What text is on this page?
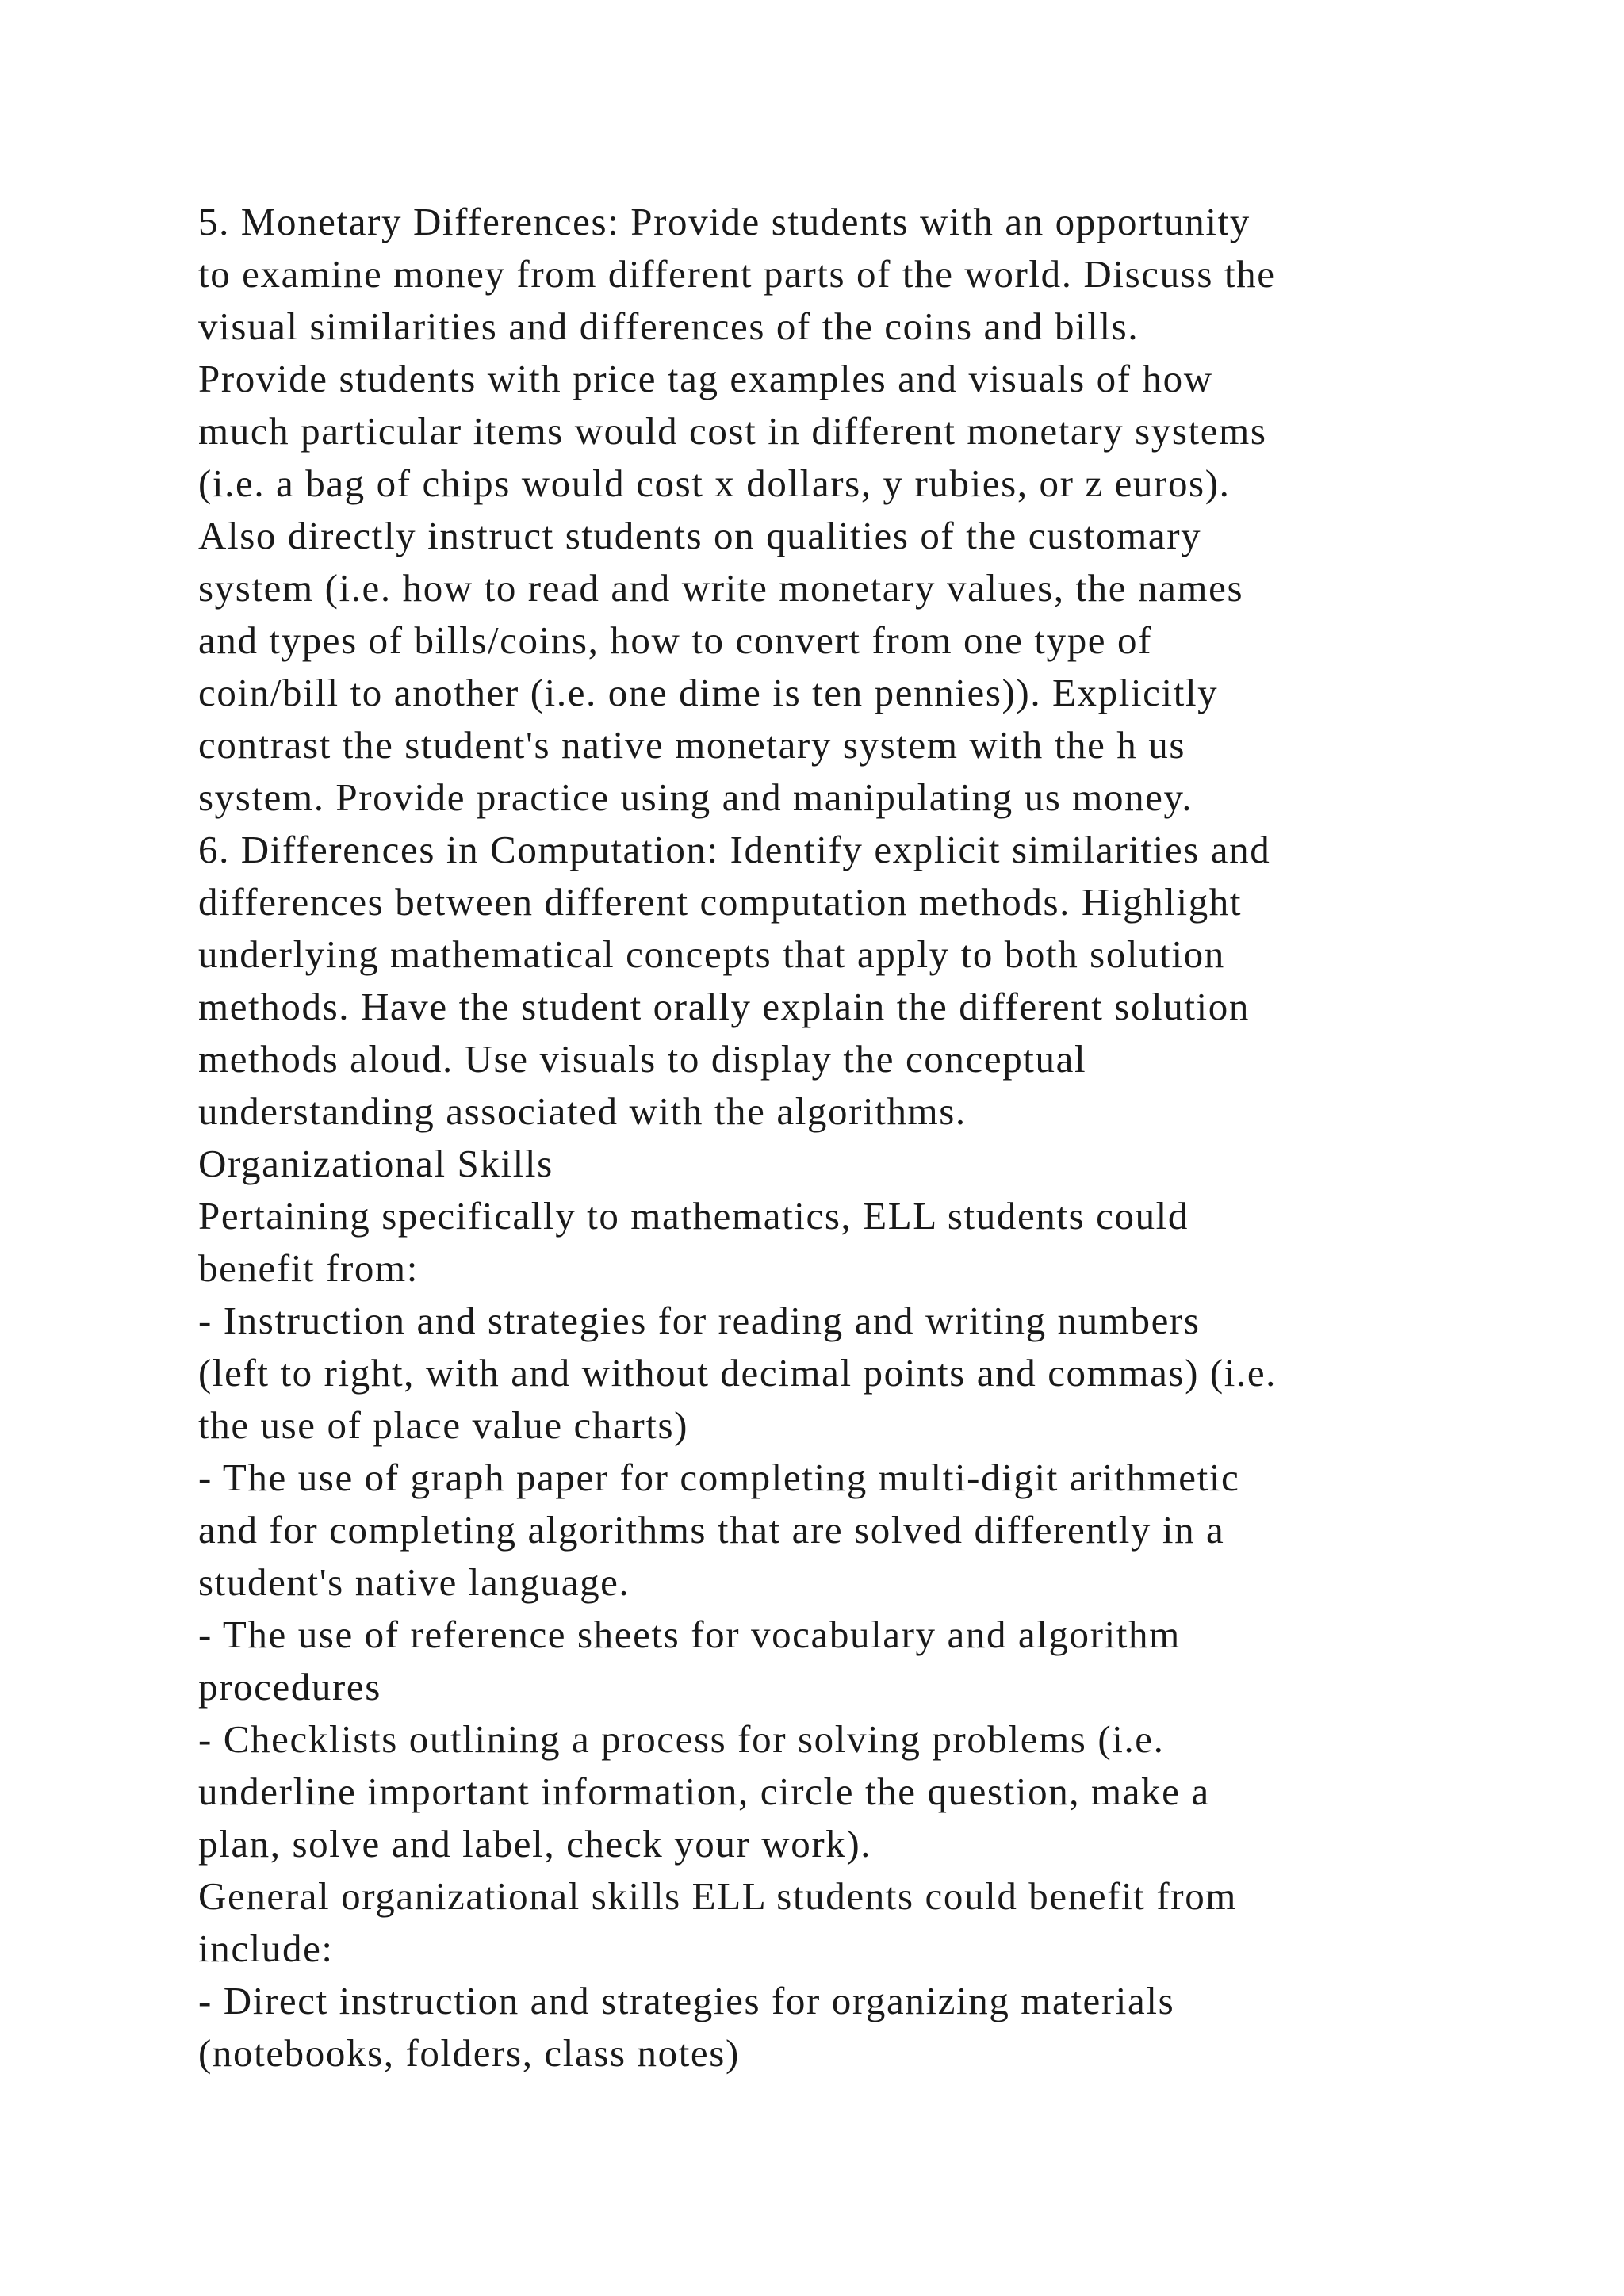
5. Monetary Differences: Provide students with an opportunity
to examine money from different parts of the world. Discuss the
visual similarities and differences of the coins and bills.
Provide students with price tag examples and visuals of how
much particular items would cost in different monetary systems
(i.e. a bag of chips would cost x dollars, y rubies, or z euros).
Also directly instruct students on qualities of the customary
system (i.e. how to read and write monetary values, the names
and types of bills/coins, how to convert from one type of
coin/bill to another (i.e. one dime is ten pennies)). Explicitly
contrast the student's native monetary system with the h us
system. Provide practice using and manipulating us money.
6. Differences in Computation: Identify explicit similarities and
differences between different computation methods. Highlight
underlying mathematical concepts that apply to both solution
methods. Have the student orally explain the different solution
methods aloud. Use visuals to display the conceptual
understanding associated with the algorithms.
Organizational Skills
Pertaining specifically to mathematics, ELL students could
benefit from:
- Instruction and strategies for reading and writing numbers
(left to right, with and without decimal points and commas) (i.e.
the use of place value charts)
- The use of graph paper for completing multi-digit arithmetic
and for completing algorithms that are solved differently in a
student's native language.
- The use of reference sheets for vocabulary and algorithm
procedures
- Checklists outlining a process for solving problems (i.e.
underline important information, circle the question, make a
plan, solve and label, check your work).
General organizational skills ELL students could benefit from
include:
- Direct instruction and strategies for organizing materials
(notebooks, folders, class notes)
